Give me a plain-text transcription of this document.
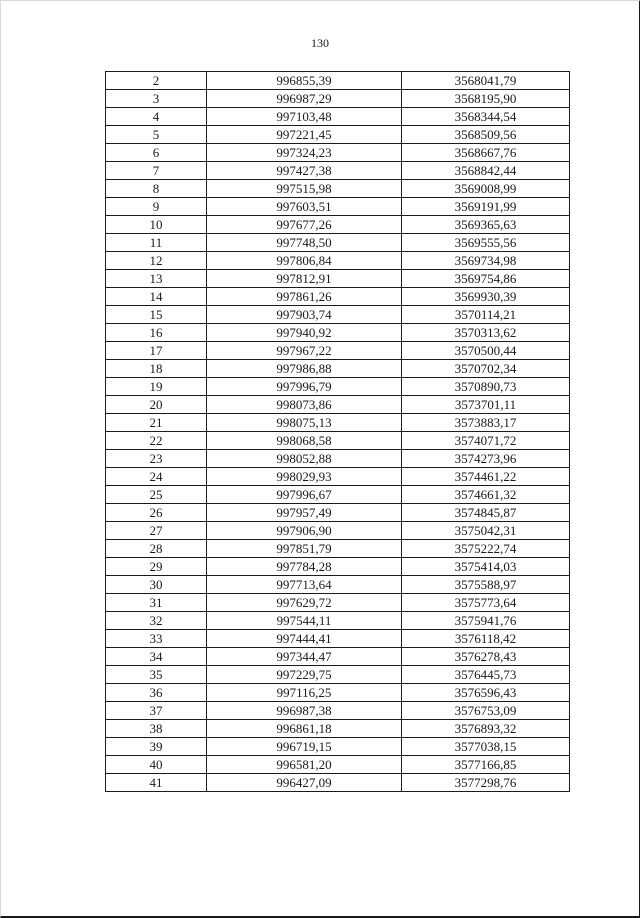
130
2	996855,39	3568041,79
3	996987,29	3568195,90
4	997103,48	3568344,54
5	997221,45	3568509,56
6	997324,23	3568667,76
7	997427,38	3568842,44
8	997515,98	3569008,99
9	997603,51	3569191,99
10	997677,26	3569365,63
11	997748,50	3569555,56
12	997806,84	3569734,98
13	997812,91	3569754,86
14	997861,26	3569930,39
15	997903,74	3570114,21
16	997940,92	3570313,62
17	997967,22	3570500,44
18	997986,88	3570702,34
19	997996,79	3570890,73
20	998073,86	3573701,11
21	998075,13	3573883,17
22	998068,58	3574071,72
23	998052,88	3574273,96
24	998029,93	3574461,22
25	997996,67	3574661,32
26	997957,49	3574845,87
27	997906,90	3575042,31
28	997851,79	3575222,74
29	997784,28	3575414,03
30	997713,64	3575588,97
31	997629,72	3575773,64
32	997544,11	3575941,76
33	997444,41	3576118,42
34	997344,47	3576278,43
35	997229,75	3576445,73
36	997116,25	3576596,43
37	996987,38	3576753,09
38	996861,18	3576893,32
39	996719,15	3577038,15
40	996581,20	3577166,85
41	996427,09	3577298,76
